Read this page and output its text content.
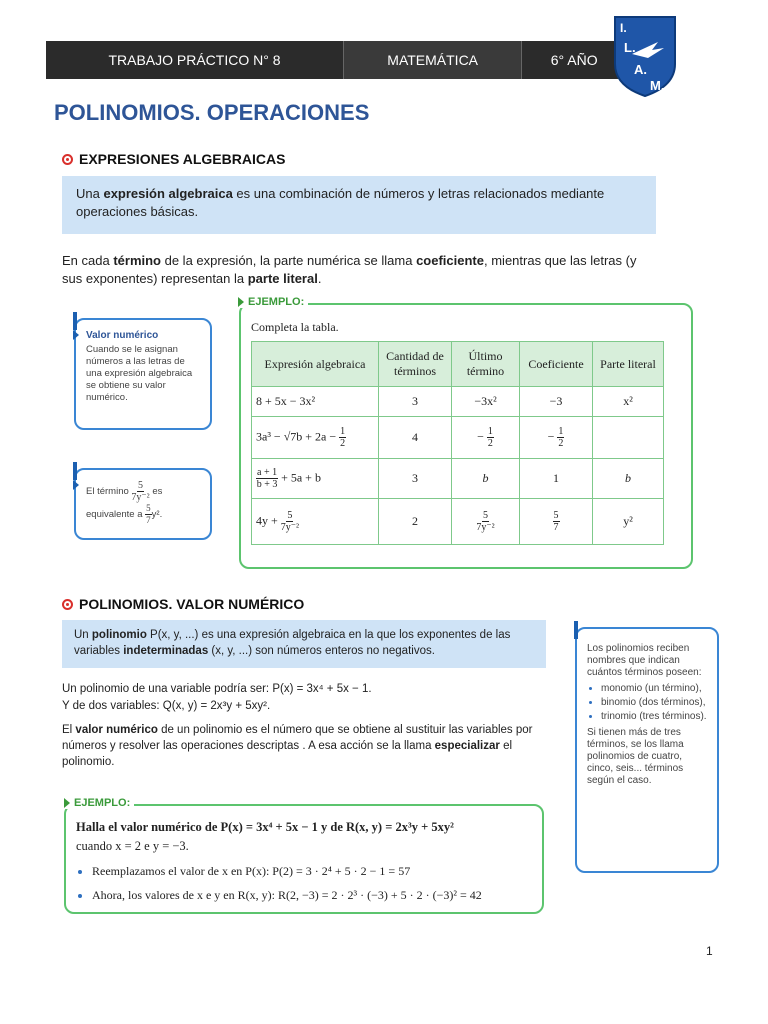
TRABAJO PRÁCTICO N° 8	MATEMÁTICA	6° AÑO
I.
L.
A.
M.
POLINOMIOS. OPERACIONES
EXPRESIONES ALGEBRAICAS
Una expresión algebraica es una combinación de números y letras relacionados mediante operaciones básicas.
En cada término de la expresión, la parte numérica se llama coeficiente, mientras que las letras (y sus exponentes) representan la parte literal.
Valor numérico
Cuando se le asignan números a las letras de una expresión algebraica se obtiene su valor numérico.
El término $\frac{5}{\text{7y⁻²}}$ es
equivalente a $\frac{5}{7} y^2$.
EJEMPLO:
Completa la tabla.
Expresión algebraica	Cantidad de términos	Último término	Coeficiente	Parte literal
8 + 5x − 3x²	3	−3x²	−3	x²
$3a^3 - √7b + 2a - \frac{1}{2}$	4	− $\frac{1}{2}$	− $\frac{1}{2}$

$\frac{a + 1}{b + 3} + 5a + b$	3	b	1	b
$4y + \frac{5}{\text{7y⁻²}}$	2	$\frac{5}{\text{7y⁻²}}$	$\frac{5}{7}$	y²
POLINOMIOS. VALOR NUMÉRICO
Un polinomio P(x, y, ...) es una expresión algebraica en la que los exponentes de las variables indeterminadas (x, y, ...) son números enteros no negativos.
Un polinomio de una variable podría ser: P(x) = 3x⁴ + 5x − 1.
Y de dos variables: Q(x, y) = 2x³y + 5xy².
El valor numérico de un polinomio es el número que se obtiene al sustituir las variables por números y resolver las operaciones descriptas . A esa acción se la llama especializar el polinomio.
Los polinomios reciben nombres que indican cuántos términos poseen:
• monomio (un término),
• binomio (dos términos),
• trinomio (tres términos).
Si tienen más de tres términos, se los llama polinomios de cuatro, cinco, seis... términos según el caso.
EJEMPLO:
Halla el valor numérico de P(x) = 3x⁴ + 5x − 1 y de R(x, y) = 2x³y + 5xy²
cuando x = 2 e y = −3.
• Reemplazamos el valor de x en P(x): P(2) = 3 · 2⁴ + 5 · 2 − 1 = 57
• Ahora, los valores de x e y en R(x, y): R(2, −3) = 2 · 2³ · (−3) + 5 · 2 · (−3)² = 42
1
